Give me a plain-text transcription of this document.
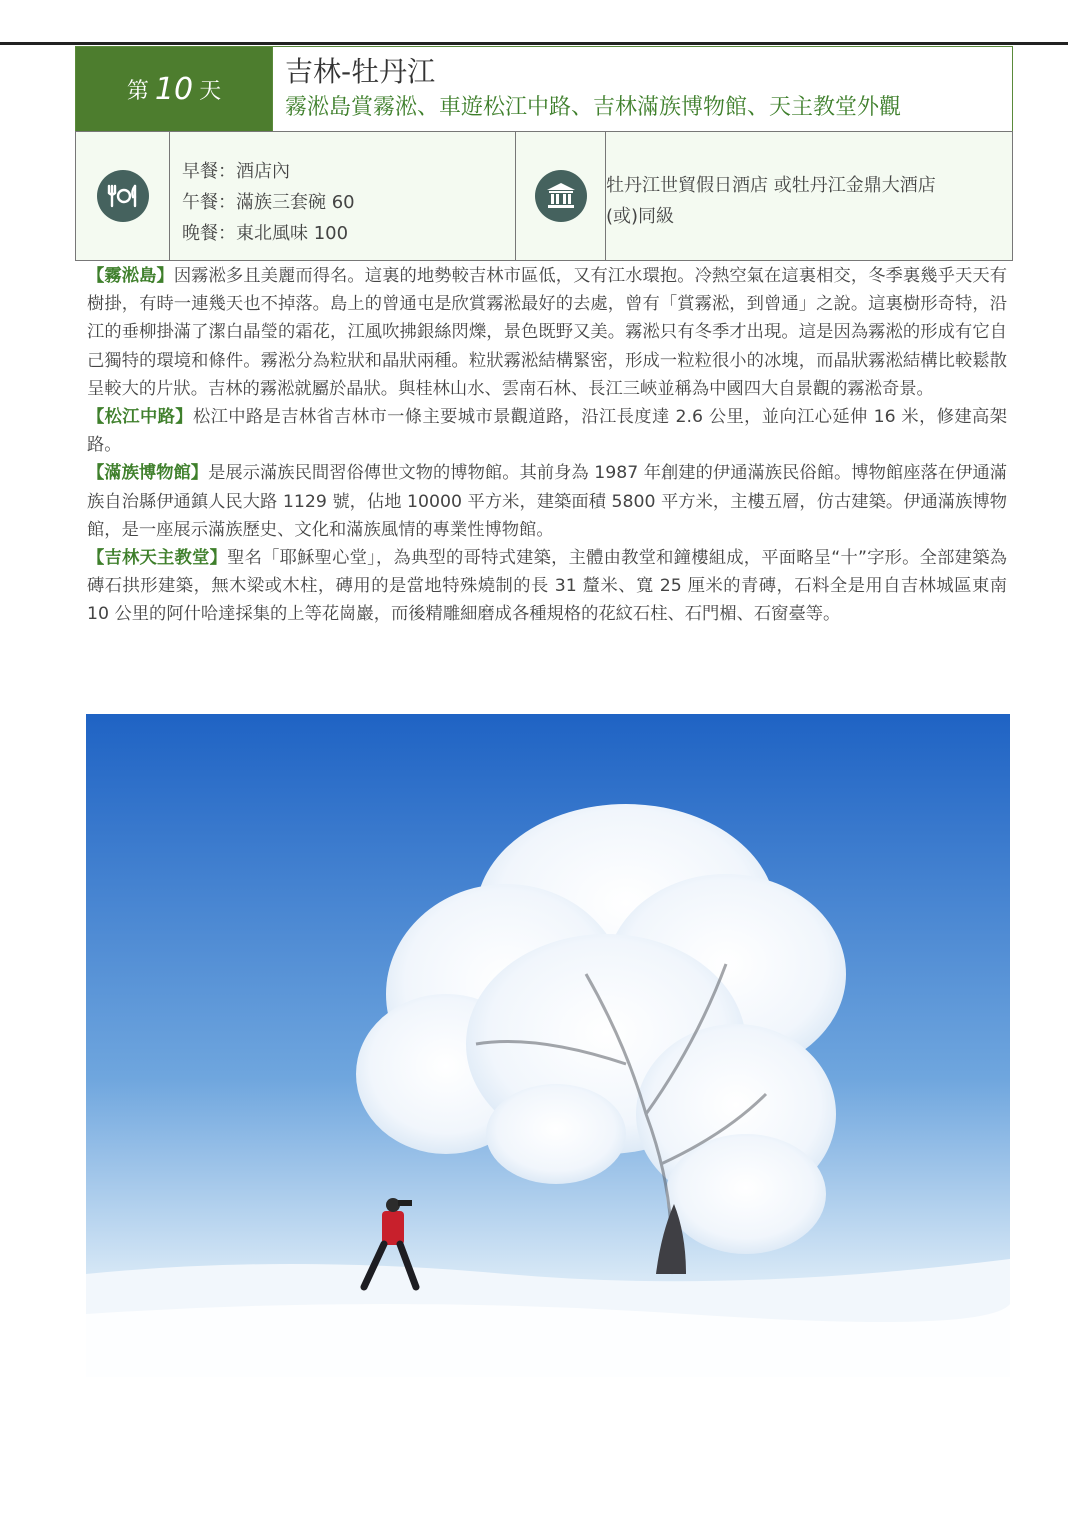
第 10 天
吉林-牡丹江
霧淞島賞霧淞、車遊松江中路、吉林滿族博物館、天主教堂外觀
早餐：酒店內
午餐：滿族三套碗 60
晚餐：東北風味 100
牡丹江世貿假日酒店 或牡丹江金鼎大酒店
(或)同級

【霧淞島】因霧淞多且美麗而得名。這裏的地勢較吉林市區低，又有江水環抱。冷熱空氣在這裏相交，冬季裏幾乎天天有樹掛，有時一連幾天也不掉落。島上的曾通屯是欣賞霧淞最好的去處，曾有「賞霧淞，到曾通」之說。這裏樹形奇特，沿江的垂柳掛滿了潔白晶瑩的霜花，江風吹拂銀絲閃爍，景色既野又美。霧淞只有冬季才出現。這是因為霧淞的形成有它自己獨特的環境和條件。霧淞分為粒狀和晶狀兩種。粒狀霧淞結構緊密，形成一粒粒很小的冰塊，而晶狀霧淞結構比較鬆散呈較大的片狀。吉林的霧淞就屬於晶狀。與桂林山水、雲南石林、長江三峽並稱為中國四大自景觀的霧淞奇景。

【松江中路】松江中路是吉林省吉林市一條主要城市景觀道路，沿江長度達 2.6 公里，並向江心延伸 16 米，修建高架路。

【滿族博物館】是展示滿族民間習俗傳世文物的博物館。其前身為 1987 年創建的伊通滿族民俗館。博物館座落在伊通滿族自治縣伊通鎮人民大路 1129 號，佔地 10000 平方米，建築面積 5800 平方米，主樓五層，仿古建築。伊通滿族博物館，是一座展示滿族歷史、文化和滿族風情的專業性博物館。

【吉林天主教堂】聖名「耶穌聖心堂」，為典型的哥特式建築，主體由教堂和鐘樓組成，平面略呈“十”字形。全部建築為磚石拱形建築，無木梁或木柱，磚用的是當地特殊燒制的長 31 釐米、寬 25 厘米的青磚，石料全是用自吉林城區東南 10 公里的阿什哈達採集的上等花崗巖，而後精雕細磨成各種規格的花紋石柱、石門楣、石窗臺等。
